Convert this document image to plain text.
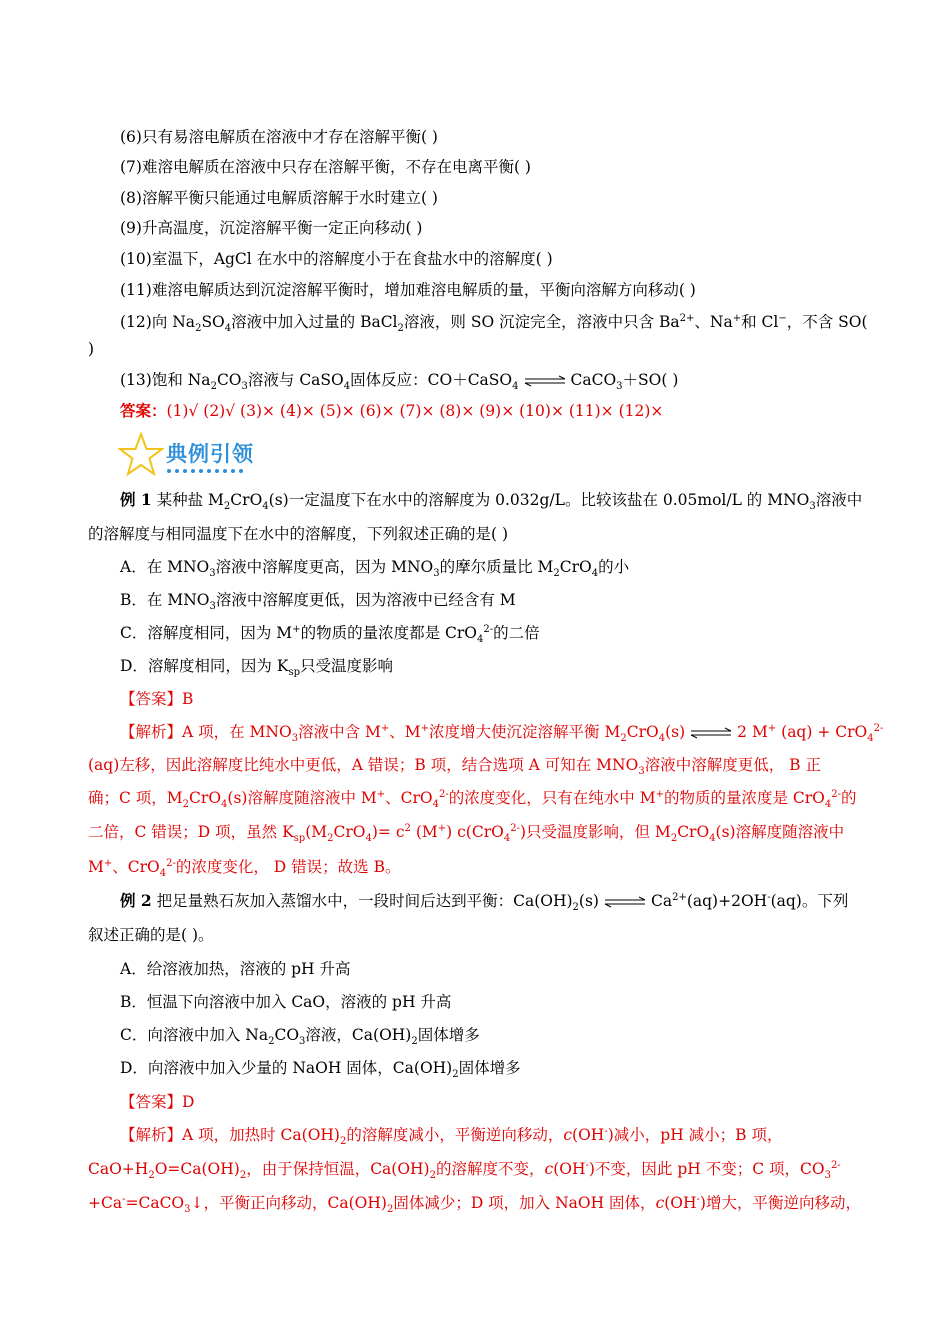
(6)只有易溶电解质在溶液中才存在溶解平衡( )
(7)难溶电解质在溶液中只存在溶解平衡，不存在电离平衡( )
(8)溶解平衡只能通过电解质溶解于水时建立( )
(9)升高温度，沉淀溶解平衡一定正向移动( )
(10)室温下，AgCl 在水中的溶解度小于在食盐水中的溶解度( )
(11)难溶电解质达到沉淀溶解平衡时，增加难溶电解质的量，平衡向溶解方向移动( )
(12)向 $Na_2SO_4$溶液中加入过量的 BaCl$_2$溶液，则 SO 沉淀完全，溶液中只含 $Ba^{2+}$、Na+和 Cl−，不含 SO(
)
(13)饱和 $Na_2CO_3$溶液与 CaSO$_4$固体反应：CO＋CaSO$_4$ ⇌ CaCO$_3$＋SO( )
答案：(1)√ (2)√ (3)× (4)× (5)× (6)× (7)× (8)× (9)× (10)× (11)× (12)×
典例引领
例 1 某种盐 $M_2CrO_4(s)$一定温度下在水中的溶解度为 0.032g/L。比较该盐在 0.05mol/L 的 $MNO_3$溶液中
的溶解度与相同温度下在水中的溶解度，下列叙述正确的是( )
A．在 $MNO_3$溶液中溶解度更高，因为 $MNO_3$的摩尔质量比 $M_2CrO_4$的小
B．在 $MNO_3$溶液中溶解度更低，因为溶液中已经含有 M
C．溶解度相同，因为 M+的物质的量浓度都是 CrO$_4^{2-}$的二倍
D．溶解度相同，因为 $K_{sp}$只受温度影响
【答案】B
【解析】A 项，在 $MNO_3$溶液中含 M+、M+浓度增大使沉淀溶解平衡 $M_2CrO_4(s)$ ⇌ 2 M+ (aq) + CrO$_4^{2-}$
(aq)左移，因此溶解度比纯水中更低，A 错误；B 项，结合选项 A 可知在 $MNO_3$溶液中溶解度更低， B 正
确；C 项，$M_2CrO_4(s)$溶解度随溶液中 M+、CrO$_4^{2-}$的浓度变化，只有在纯水中 M+的物质的量浓度是 CrO$_4^{2-}$的
二倍，C 错误；D 项，虽然 $K_{sp}(M_2CrO_4)= c^2$ (M+) c(CrO$_4^{2-}$)只受温度影响，但 $M_2CrO_4(s)$溶解度随溶液中
M+、CrO$_4^{2-}$的浓度变化， D 错误；故选 B。
例 2 把足量熟石灰加入蒸馏水中，一段时间后达到平衡：$Ca(OH)_2(s)$ ⇌ $Ca^{2+}(aq)+2OH^-(aq)$。下列
叙述正确的是( )。
A．给溶液加热，溶液的 pH 升高
B．恒温下向溶液中加入 CaO，溶液的 pH 升高
C．向溶液中加入 $Na_2CO_3$溶液，$Ca(OH)_2$固体增多
D．向溶液中加入少量的 NaOH 固体，$Ca(OH)_2$固体增多
【答案】D
【解析】A 项，加热时 $Ca(OH)_2$的溶解度减小，平衡逆向移动，c(OH-)减小，pH 减小；B 项，
$CaO+H_2O=Ca(OH)_2$，由于保持恒温，$Ca(OH)_2$的溶解度不变，c(OH-)不变，因此 pH 不变；C 项，$CO_3^{2-}$
+Ca-=CaCO$_3$↓，平衡正向移动，$Ca(OH)_2$固体减少；D 项，加入 NaOH 固体，c(OH-)增大，平衡逆向移动，
